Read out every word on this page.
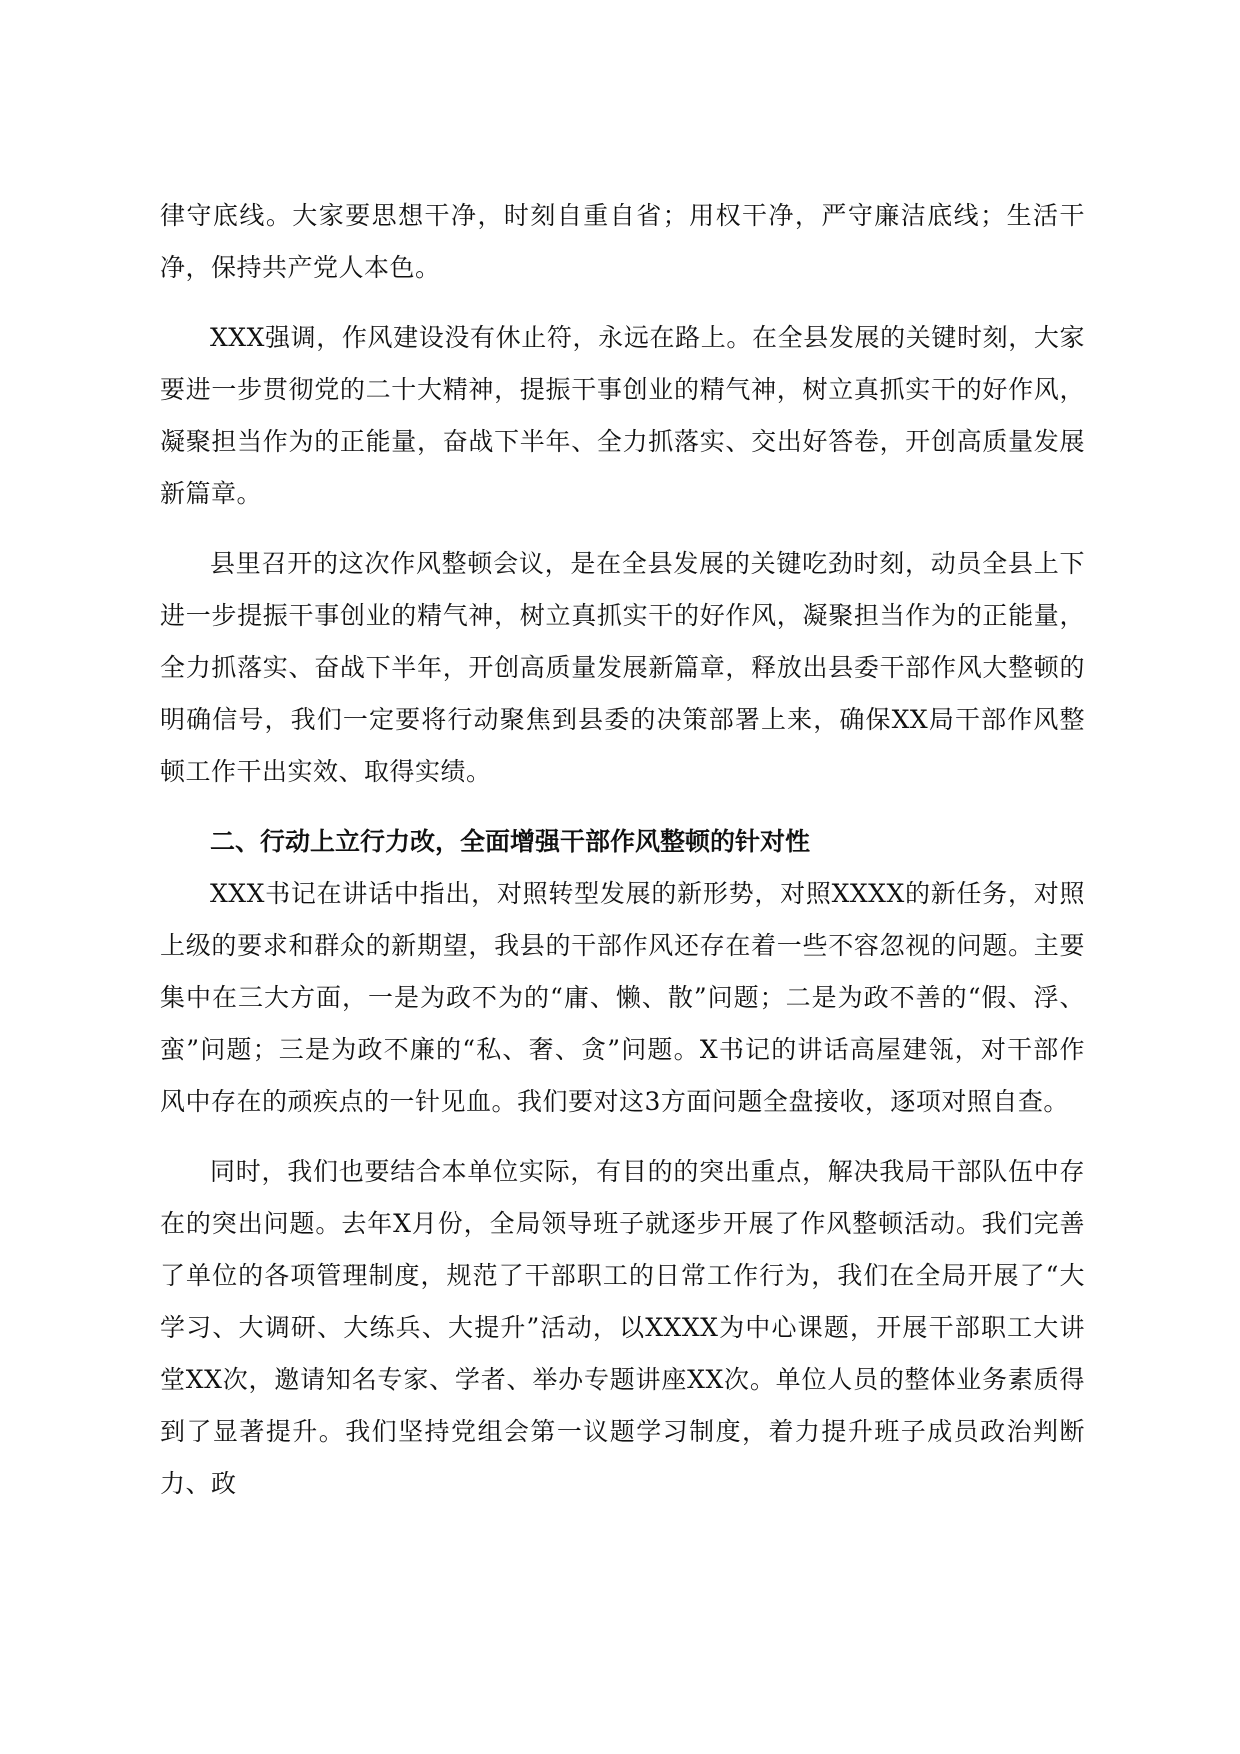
律守底线。大家要思想干净，时刻自重自省；用权干净，严守廉洁底线；生活干净，保持共产党人本色。

XXX强调，作风建设没有休止符，永远在路上。在全县发展的关键时刻，大家要进一步贯彻党的二十大精神，提振干事创业的精气神，树立真抓实干的好作风，凝聚担当作为的正能量，奋战下半年、全力抓落实、交出好答卷，开创高质量发展新篇章。

县里召开的这次作风整顿会议，是在全县发展的关键吃劲时刻，动员全县上下进一步提振干事创业的精气神，树立真抓实干的好作风，凝聚担当作为的正能量，全力抓落实、奋战下半年，开创高质量发展新篇章，释放出县委干部作风大整顿的明确信号，我们一定要将行动聚焦到县委的决策部署上来，确保XX局干部作风整顿工作干出实效、取得实绩。

二、行动上立行力改，全面增强干部作风整顿的针对性

XXX书记在讲话中指出，对照转型发展的新形势，对照XXXX的新任务，对照上级的要求和群众的新期望，我县的干部作风还存在着一些不容忽视的问题。主要集中在三大方面，一是为政不为的“庸、懒、散”问题；二是为政不善的“假、浮、蛮”问题；三是为政不廉的“私、奢、贪”问题。X书记的讲话高屋建瓴，对干部作风中存在的顽疾点的一针见血。我们要对这3方面问题全盘接收，逐项对照自查。

同时，我们也要结合本单位实际，有目的的突出重点，解决我局干部队伍中存在的突出问题。去年X月份，全局领导班子就逐步开展了作风整顿活动。我们完善了单位的各项管理制度，规范了干部职工的日常工作行为，我们在全局开展了“大学习、大调研、大练兵、大提升”活动，以XXXX为中心课题，开展干部职工大讲堂XX次，邀请知名专家、学者、举办专题讲座XX次。单位人员的整体业务素质得到了显著提升。我们坚持党组会第一议题学习制度，着力提升班子成员政治判断力、政
